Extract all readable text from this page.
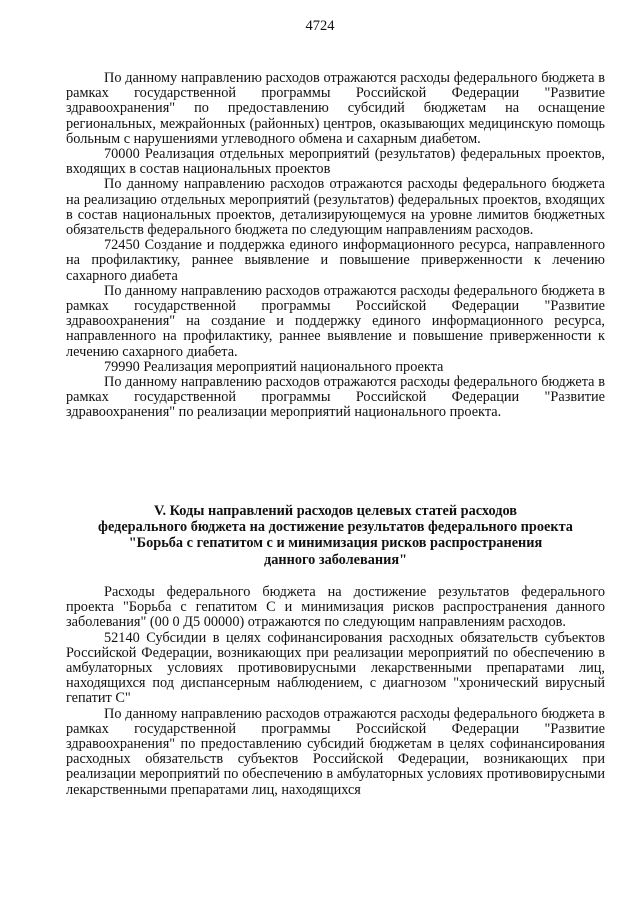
4724

По данному направлению расходов отражаются расходы федерального бюджета в рамках государственной программы Российской Федерации "Развитие здравоохранения" по предоставлению субсидий бюджетам на оснащение региональных, межрайонных (районных) центров, оказывающих медицинскую помощь больным с нарушениями углеводного обмена и сахарным диабетом.

70000 Реализация отдельных мероприятий (результатов) федеральных проектов, входящих в состав национальных проектов

По данному направлению расходов отражаются расходы федерального бюджета на реализацию отдельных мероприятий (результатов) федеральных проектов, входящих в состав национальных проектов, детализирующемуся на уровне лимитов бюджетных обязательств федерального бюджета по следующим направлениям расходов.

72450 Создание и поддержка единого информационного ресурса, направленного на профилактику, раннее выявление и повышение приверженности к лечению сахарного диабета

По данному направлению расходов отражаются расходы федерального бюджета в рамках государственной программы Российской Федерации "Развитие здравоохранения" на создание и поддержку единого информационного ресурса, направленного на профилактику, раннее выявление и повышение приверженности к лечению сахарного диабета.

79990 Реализация мероприятий национального проекта

По данному направлению расходов отражаются расходы федерального бюджета в рамках государственной программы Российской Федерации "Развитие здравоохранения" по реализации мероприятий национального проекта.

V. Коды направлений расходов целевых статей расходов
федерального бюджета на достижение результатов федерального проекта
"Борьба с гепатитом с и минимизация рисков распространения
данного заболевания"

Расходы федерального бюджета на достижение результатов федерального проекта "Борьба с гепатитом С и минимизация рисков распространения данного заболевания" (00 0 Д5 00000) отражаются по следующим направлениям расходов.

52140 Субсидии в целях софинансирования расходных обязательств субъектов Российской Федерации, возникающих при реализации мероприятий по обеспечению в амбулаторных условиях противовирусными лекарственными препаратами лиц, находящихся под диспансерным наблюдением, с диагнозом "хронический вирусный гепатит С"

По данному направлению расходов отражаются расходы федерального бюджета в рамках государственной программы Российской Федерации "Развитие здравоохранения" по предоставлению субсидий бюджетам в целях софинансирования расходных обязательств субъектов Российской Федерации, возникающих при реализации мероприятий по обеспечению в амбулаторных условиях противовирусными лекарственными препаратами лиц, находящихся
